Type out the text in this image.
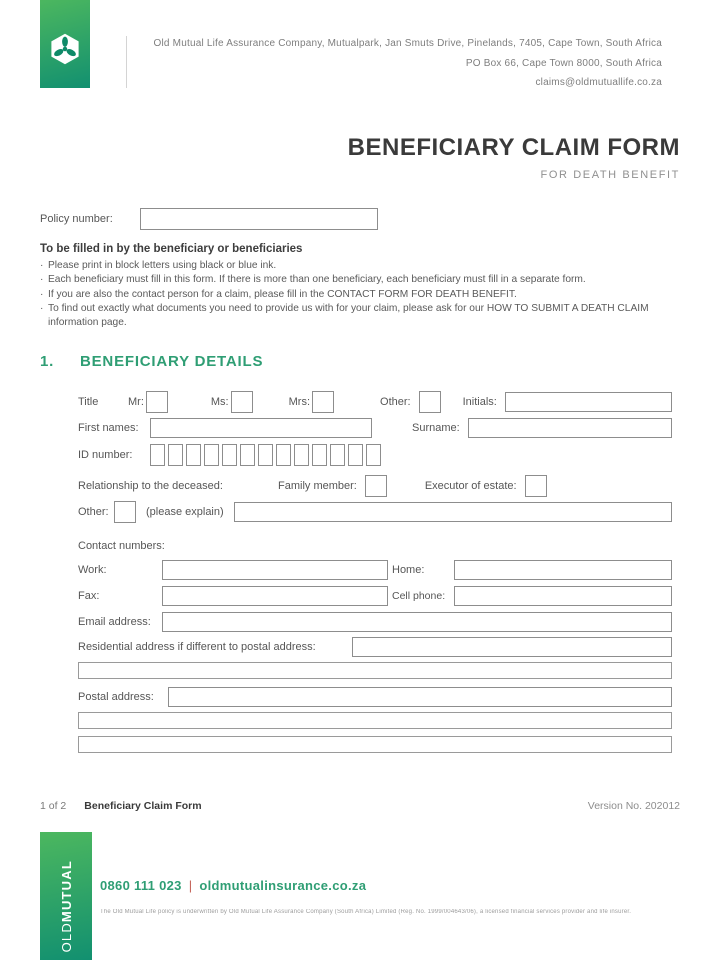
Old Mutual Life Assurance Company, Mutualpark, Jan Smuts Drive, Pinelands, 7405, Cape Town, South Africa
PO Box 66, Cape Town 8000, South Africa
claims@oldmutuallife.co.za
BENEFICIARY CLAIM FORM
FOR DEATH BENEFIT
Policy number:
To be filled in by the beneficiary or beneficiaries
· Please print in block letters using black or blue ink.
· Each beneficiary must fill in this form. If there is more than one beneficiary, each beneficiary must fill in a separate form.
· If you are also the contact person for a claim, please fill in the CONTACT FORM FOR DEATH BENEFIT.
· To find out exactly what documents you need to provide us with for your claim, please ask for our HOW TO SUBMIT A DEATH CLAIM information page.
1.	BENEFICIARY DETAILS
Title	Mr:	Ms:	Mrs:	Other:	Initials:
First names:	Surname:
ID number:
Relationship to the deceased:	Family member:	Executor of estate:
Other:	(please explain)
Contact numbers:
Work:	Home:
Fax:	Cell phone:
Email address:
Residential address if different to postal address:
Postal address:

1 of 2 Beneficiary Claim Form	Version No. 202012
OLDMUTUAL 0860 111 023 | oldmutualinsurance.co.za
The Old Mutual Life policy is underwritten by Old Mutual Life Assurance Company (South Africa) Limited (Reg. No. 1999/004643/06), a licensed financial services provider and life insurer.
